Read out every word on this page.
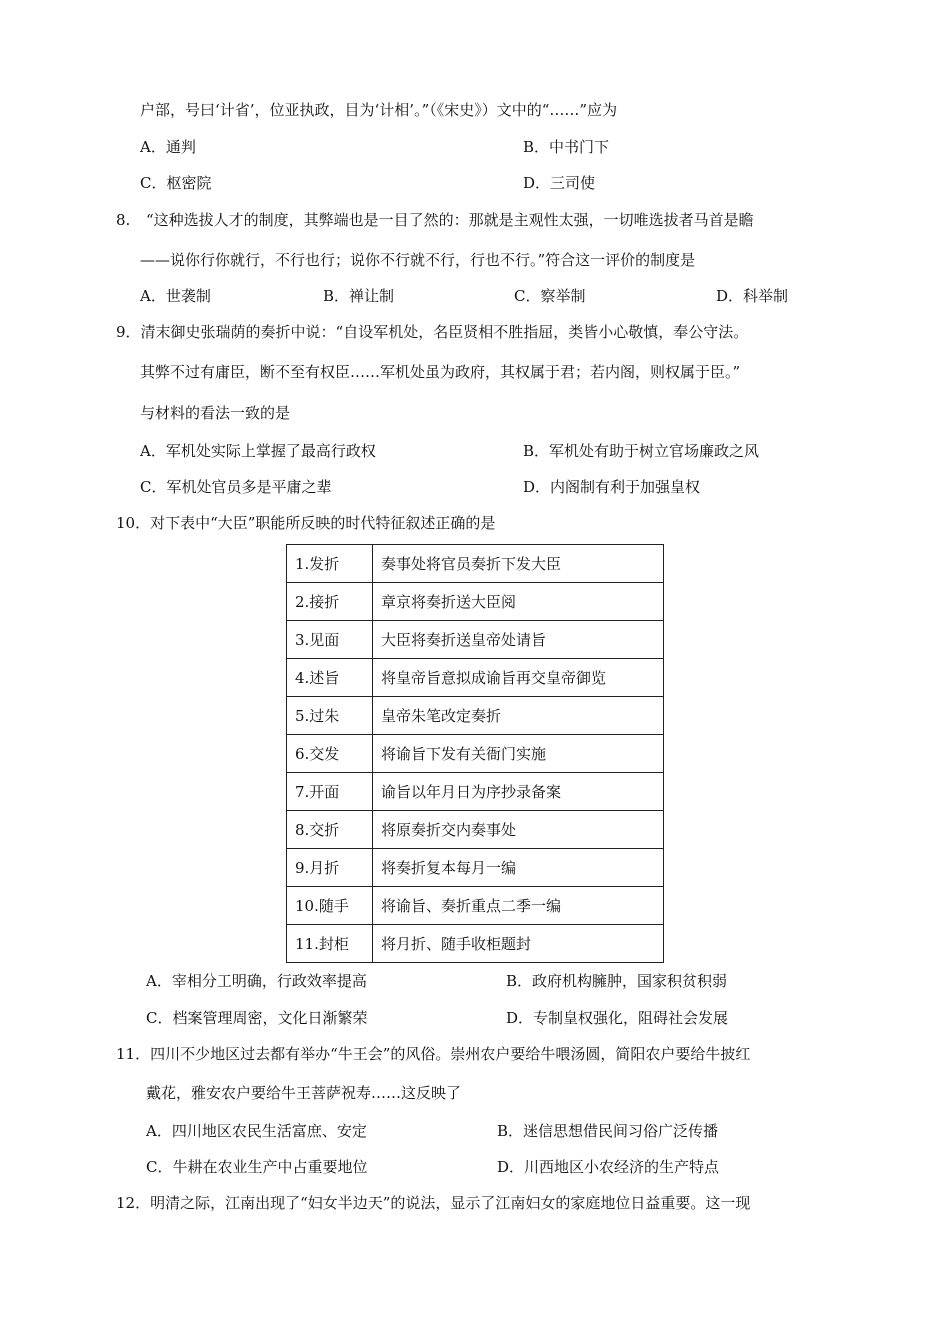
户部，号曰‘计省’，位亚执政，目为‘计相’。”（《宋史》）文中的“……”应为
A．通判	B．中书门下
C．枢密院	D．三司使
8. “这种选拔人才的制度，其弊端也是一目了然的：那就是主观性太强，一切唯选拔者马首是瞻
——说你行你就行，不行也行；说你不行就不行，行也不行。”符合这一评价的制度是
A．世袭制	B．禅让制	C．察举制	D．科举制
9．清末御史张瑞荫的奏折中说：“自设军机处，名臣贤相不胜指屈，类皆小心敬慎，奉公守法。
其弊不过有庸臣，断不至有权臣……军机处虽为政府，其权属于君；若内阁，则权属于臣。”
与材料的看法一致的是
A．军机处实际上掌握了最高行政权	B．军机处有助于树立官场廉政之风
C．军机处官员多是平庸之辈	D．内阁制有利于加强皇权
10．对下表中“大臣”职能所反映的时代特征叙述正确的是
1.发折	奏事处将官员奏折下发大臣
2.接折	章京将奏折送大臣阅
3.见面	大臣将奏折送皇帝处请旨
4.述旨	将皇帝旨意拟成谕旨再交皇帝御览
5.过朱	皇帝朱笔改定奏折
6.交发	将谕旨下发有关衙门实施
7.开面	谕旨以年月日为序抄录备案
8.交折	将原奏折交内奏事处
9.月折	将奏折复本每月一编
10.随手	将谕旨、奏折重点二季一编
11.封柜	将月折、随手收柜题封
A．宰相分工明确，行政效率提高	B．政府机构臃肿，国家积贫积弱
C．档案管理周密，文化日渐繁荣	D．专制皇权强化，阻碍社会发展
11．四川不少地区过去都有举办“牛王会”的风俗。崇州农户要给牛喂汤圆，简阳农户要给牛披红
戴花，雅安农户要给牛王菩萨祝寿……这反映了
A．四川地区农民生活富庶、安定	B．迷信思想借民间习俗广泛传播
C．牛耕在农业生产中占重要地位	D．川西地区小农经济的生产特点
12．明清之际，江南出现了“妇女半边天”的说法，显示了江南妇女的家庭地位日益重要。这一现
